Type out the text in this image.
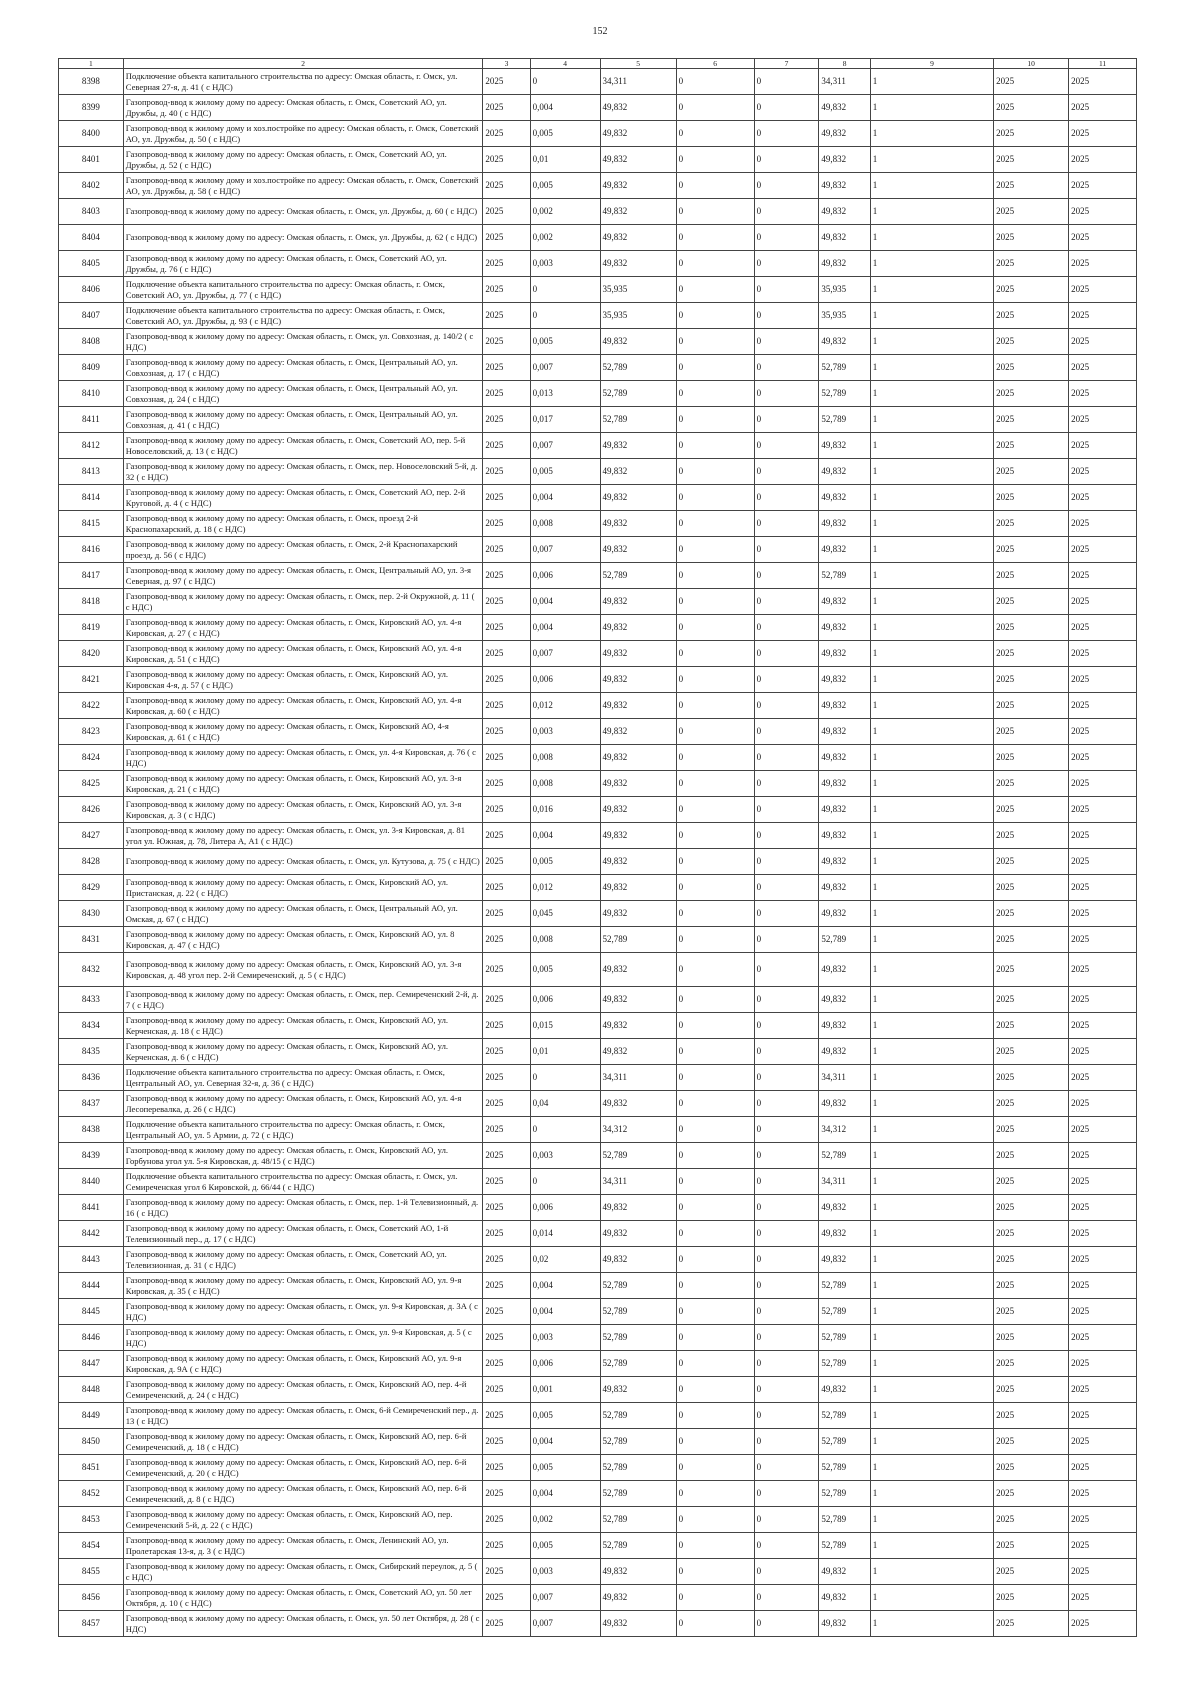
152
1	2	3	4	5	6	7	8	9	10	11
8398	Подключение объекта капитального строительства по адресу: Омская область, г. Омск, ул. Северная 27-я, д. 41 ( с НДС)	2025	0	34,311	0	0	34,311	1	2025	2025
8399	Газопровод-ввод к жилому дому по адресу: Омская область, г. Омск, Советский АО, ул. Дружбы, д. 40 ( с НДС)	2025	0,004	49,832	0	0	49,832	1	2025	2025
8400	Газопровод-ввод к жилому дому и хоз.постройке по адресу: Омская область, г. Омск, Советский АО, ул. Дружбы, д. 50 ( с НДС)	2025	0,005	49,832	0	0	49,832	1	2025	2025
8401	Газопровод-ввод к жилому дому по адресу: Омская область, г. Омск, Советский АО, ул. Дружбы, д. 52 ( с НДС)	2025	0,01	49,832	0	0	49,832	1	2025	2025
8402	Газопровод-ввод к жилому дому и хоз.постройке по адресу: Омская область, г. Омск, Советский АО, ул. Дружбы, д. 58 ( с НДС)	2025	0,005	49,832	0	0	49,832	1	2025	2025
8403	Газопровод-ввод к жилому дому по адресу: Омская область, г. Омск, ул. Дружбы, д. 60 ( с НДС)	2025	0,002	49,832	0	0	49,832	1	2025	2025
8404	Газопровод-ввод к жилому дому по адресу: Омская область, г. Омск, ул. Дружбы, д. 62 ( с НДС)	2025	0,002	49,832	0	0	49,832	1	2025	2025
8405	Газопровод-ввод к жилому дому по адресу: Омская область, г. Омск, Советский АО, ул. Дружбы, д. 76 ( с НДС)	2025	0,003	49,832	0	0	49,832	1	2025	2025
8406	Подключение объекта капитального строительства по адресу: Омская область, г. Омск, Советский АО, ул. Дружбы, д. 77 ( с НДС)	2025	0	35,935	0	0	35,935	1	2025	2025
8407	Подключение объекта капитального строительства по адресу: Омская область, г. Омск, Советский АО, ул. Дружбы, д. 93 ( с НДС)	2025	0	35,935	0	0	35,935	1	2025	2025
8408	Газопровод-ввод к жилому дому по адресу: Омская область, г. Омск, ул. Совхозная, д. 140/2 ( с НДС)	2025	0,005	49,832	0	0	49,832	1	2025	2025
8409	Газопровод-ввод к жилому дому по адресу: Омская область, г. Омск, Центральный АО, ул. Совхозная, д. 17 ( с НДС)	2025	0,007	52,789	0	0	52,789	1	2025	2025
8410	Газопровод-ввод к жилому дому по адресу: Омская область, г. Омск, Центральный АО, ул. Совхозная, д. 24 ( с НДС)	2025	0,013	52,789	0	0	52,789	1	2025	2025
8411	Газопровод-ввод к жилому дому по адресу: Омская область, г. Омск, Центральный АО, ул. Совхозная, д. 41 ( с НДС)	2025	0,017	52,789	0	0	52,789	1	2025	2025
8412	Газопровод-ввод к жилому дому по адресу: Омская область, г. Омск, Советский АО, пер. 5-й Новоселовский, д. 13 ( с НДС)	2025	0,007	49,832	0	0	49,832	1	2025	2025
8413	Газопровод-ввод к жилому дому по адресу: Омская область, г. Омск, пер. Новоселовский 5-й, д. 32 ( с НДС)	2025	0,005	49,832	0	0	49,832	1	2025	2025
8414	Газопровод-ввод к жилому дому по адресу: Омская область, г. Омск, Советский АО, пер. 2-й Круговой, д. 4 ( с НДС)	2025	0,004	49,832	0	0	49,832	1	2025	2025
8415	Газопровод-ввод к жилому дому по адресу: Омская область, г. Омск, проезд 2-й Краснопахарский, д. 18 ( с НДС)	2025	0,008	49,832	0	0	49,832	1	2025	2025
8416	Газопровод-ввод к жилому дому по адресу: Омская область, г. Омск, 2-й Краснопахарский проезд, д. 56 ( с НДС)	2025	0,007	49,832	0	0	49,832	1	2025	2025
8417	Газопровод-ввод к жилому дому по адресу: Омская область, г. Омск, Центральный АО, ул. 3-я Северная, д. 97 ( с НДС)	2025	0,006	52,789	0	0	52,789	1	2025	2025
8418	Газопровод-ввод к жилому дому по адресу: Омская область, г. Омск, пер. 2-й Окружной, д. 11 ( с НДС)	2025	0,004	49,832	0	0	49,832	1	2025	2025
8419	Газопровод-ввод к жилому дому по адресу: Омская область, г. Омск, Кировский АО, ул. 4-я Кировская, д. 27 ( с НДС)	2025	0,004	49,832	0	0	49,832	1	2025	2025
8420	Газопровод-ввод к жилому дому по адресу: Омская область, г. Омск, Кировский АО, ул. 4-я Кировская, д. 51 ( с НДС)	2025	0,007	49,832	0	0	49,832	1	2025	2025
8421	Газопровод-ввод к жилому дому по адресу: Омская область, г. Омск, Кировский АО, ул. Кировская 4-я, д. 57 ( с НДС)	2025	0,006	49,832	0	0	49,832	1	2025	2025
8422	Газопровод-ввод к жилому дому по адресу: Омская область, г. Омск, Кировский АО, ул. 4-я Кировская, д. 60 ( с НДС)	2025	0,012	49,832	0	0	49,832	1	2025	2025
8423	Газопровод-ввод к жилому дому по адресу: Омская область, г. Омск, Кировский АО, 4-я Кировская, д. 61 ( с НДС)	2025	0,003	49,832	0	0	49,832	1	2025	2025
8424	Газопровод-ввод к жилому дому по адресу: Омская область, г. Омск, ул. 4-я Кировская, д. 76 ( с НДС)	2025	0,008	49,832	0	0	49,832	1	2025	2025
8425	Газопровод-ввод к жилому дому по адресу: Омская область, г. Омск, Кировский АО, ул. 3-я Кировская, д. 21 ( с НДС)	2025	0,008	49,832	0	0	49,832	1	2025	2025
8426	Газопровод-ввод к жилому дому по адресу: Омская область, г. Омск, Кировский АО, ул. 3-я Кировская, д. 3 ( с НДС)	2025	0,016	49,832	0	0	49,832	1	2025	2025
8427	Газопровод-ввод к жилому дому по адресу: Омская область, г. Омск, ул. 3-я Кировская, д. 81 угол ул. Южная, д. 78, Литера А, А1 ( с НДС)	2025	0,004	49,832	0	0	49,832	1	2025	2025
8428	Газопровод-ввод к жилому дому по адресу: Омская область, г. Омск, ул. Кутузова, д. 75 ( с НДС)	2025	0,005	49,832	0	0	49,832	1	2025	2025
8429	Газопровод-ввод к жилому дому по адресу: Омская область, г. Омск, Кировский АО, ул. Пристанская, д. 22 ( с НДС)	2025	0,012	49,832	0	0	49,832	1	2025	2025
8430	Газопровод-ввод к жилому дому по адресу: Омская область, г. Омск, Центральный АО, ул. Омская, д. 67 ( с НДС)	2025	0,045	49,832	0	0	49,832	1	2025	2025
8431	Газопровод-ввод к жилому дому по адресу: Омская область, г. Омск, Кировский АО, ул. 8 Кировская, д. 47 ( с НДС)	2025	0,008	52,789	0	0	52,789	1	2025	2025
8432	Газопровод-ввод к жилому дому по адресу: Омская область, г. Омск, Кировский АО, ул. 3-я Кировская, д. 48 угол пер. 2-й Семиреченский, д. 5 ( с НДС)	2025	0,005	49,832	0	0	49,832	1	2025	2025
8433	Газопровод-ввод к жилому дому по адресу: Омская область, г. Омск, пер. Семиреченский 2-й, д. 7 ( с НДС)	2025	0,006	49,832	0	0	49,832	1	2025	2025
8434	Газопровод-ввод к жилому дому по адресу: Омская область, г. Омск, Кировский АО, ул. Керченская, д. 18 ( с НДС)	2025	0,015	49,832	0	0	49,832	1	2025	2025
8435	Газопровод-ввод к жилому дому по адресу: Омская область, г. Омск, Кировский АО, ул. Керченская, д. 6 ( с НДС)	2025	0,01	49,832	0	0	49,832	1	2025	2025
8436	Подключение объекта капитального строительства по адресу: Омская область, г. Омск, Центральный АО, ул. Северная 32-я, д. 36 ( с НДС)	2025	0	34,311	0	0	34,311	1	2025	2025
8437	Газопровод-ввод к жилому дому по адресу: Омская область, г. Омск, Кировский АО, ул. 4-я Лесоперевалка, д. 26 ( с НДС)	2025	0,04	49,832	0	0	49,832	1	2025	2025
8438	Подключение объекта капитального строительства по адресу: Омская область, г. Омск, Центральный АО, ул. 5 Армии, д. 72 ( с НДС)	2025	0	34,312	0	0	34,312	1	2025	2025
8439	Газопровод-ввод к жилому дому по адресу: Омская область, г. Омск, Кировский АО, ул. Горбунова угол ул. 5-я Кировская, д. 48/15 ( с НДС)	2025	0,003	52,789	0	0	52,789	1	2025	2025
8440	Подключение объекта капитального строительства по адресу: Омская область, г. Омск, ул. Семиреченская угол 6 Кировской, д. 66/44 ( с НДС)	2025	0	34,311	0	0	34,311	1	2025	2025
8441	Газопровод-ввод к жилому дому по адресу: Омская область, г. Омск, пер. 1-й Телевизионный, д. 16 ( с НДС)	2025	0,006	49,832	0	0	49,832	1	2025	2025
8442	Газопровод-ввод к жилому дому по адресу: Омская область, г. Омск, Советский АО, 1-й Телевизионный пер., д. 17 ( с НДС)	2025	0,014	49,832	0	0	49,832	1	2025	2025
8443	Газопровод-ввод к жилому дому по адресу: Омская область, г. Омск, Советский АО, ул. Телевизионная, д. 31 ( с НДС)	2025	0,02	49,832	0	0	49,832	1	2025	2025
8444	Газопровод-ввод к жилому дому по адресу: Омская область, г. Омск, Кировский АО, ул. 9-я Кировская, д. 35 ( с НДС)	2025	0,004	52,789	0	0	52,789	1	2025	2025
8445	Газопровод-ввод к жилому дому по адресу: Омская область, г. Омск, ул. 9-я Кировская, д. 3А ( с НДС)	2025	0,004	52,789	0	0	52,789	1	2025	2025
8446	Газопровод-ввод к жилому дому по адресу: Омская область, г. Омск, ул. 9-я Кировская, д. 5 ( с НДС)	2025	0,003	52,789	0	0	52,789	1	2025	2025
8447	Газопровод-ввод к жилому дому по адресу: Омская область, г. Омск, Кировский АО, ул. 9-я Кировская, д. 9А ( с НДС)	2025	0,006	52,789	0	0	52,789	1	2025	2025
8448	Газопровод-ввод к жилому дому по адресу: Омская область, г. Омск, Кировский АО, пер. 4-й Семиреченский, д. 24 ( с НДС)	2025	0,001	49,832	0	0	49,832	1	2025	2025
8449	Газопровод-ввод к жилому дому по адресу: Омская область, г. Омск, 6-й Семиреченский пер., д. 13 ( с НДС)	2025	0,005	52,789	0	0	52,789	1	2025	2025
8450	Газопровод-ввод к жилому дому по адресу: Омская область, г. Омск, Кировский АО, пер. 6-й Семиреченский, д. 18 ( с НДС)	2025	0,004	52,789	0	0	52,789	1	2025	2025
8451	Газопровод-ввод к жилому дому по адресу: Омская область, г. Омск, Кировский АО, пер. 6-й Семиреченский, д. 20 ( с НДС)	2025	0,005	52,789	0	0	52,789	1	2025	2025
8452	Газопровод-ввод к жилому дому по адресу: Омская область, г. Омск, Кировский АО, пер. 6-й Семиреченский, д. 8 ( с НДС)	2025	0,004	52,789	0	0	52,789	1	2025	2025
8453	Газопровод-ввод к жилому дому по адресу: Омская область, г. Омск, Кировский АО, пер. Семиреченский 5-й, д. 22 ( с НДС)	2025	0,002	52,789	0	0	52,789	1	2025	2025
8454	Газопровод-ввод к жилому дому по адресу: Омская область, г. Омск, Ленинский АО, ул. Пролетарская 13-я, д. 3 ( с НДС)	2025	0,005	52,789	0	0	52,789	1	2025	2025
8455	Газопровод-ввод к жилому дому по адресу: Омская область, г. Омск, Сибирский переулок, д. 5 ( с НДС)	2025	0,003	49,832	0	0	49,832	1	2025	2025
8456	Газопровод-ввод к жилому дому по адресу: Омская область, г. Омск, Советский АО, ул. 50 лет Октября, д. 10 ( с НДС)	2025	0,007	49,832	0	0	49,832	1	2025	2025
8457	Газопровод-ввод к жилому дому по адресу: Омская область, г. Омск, ул. 50 лет Октября, д. 28 ( с НДС)	2025	0,007	49,832	0	0	49,832	1	2025	2025
